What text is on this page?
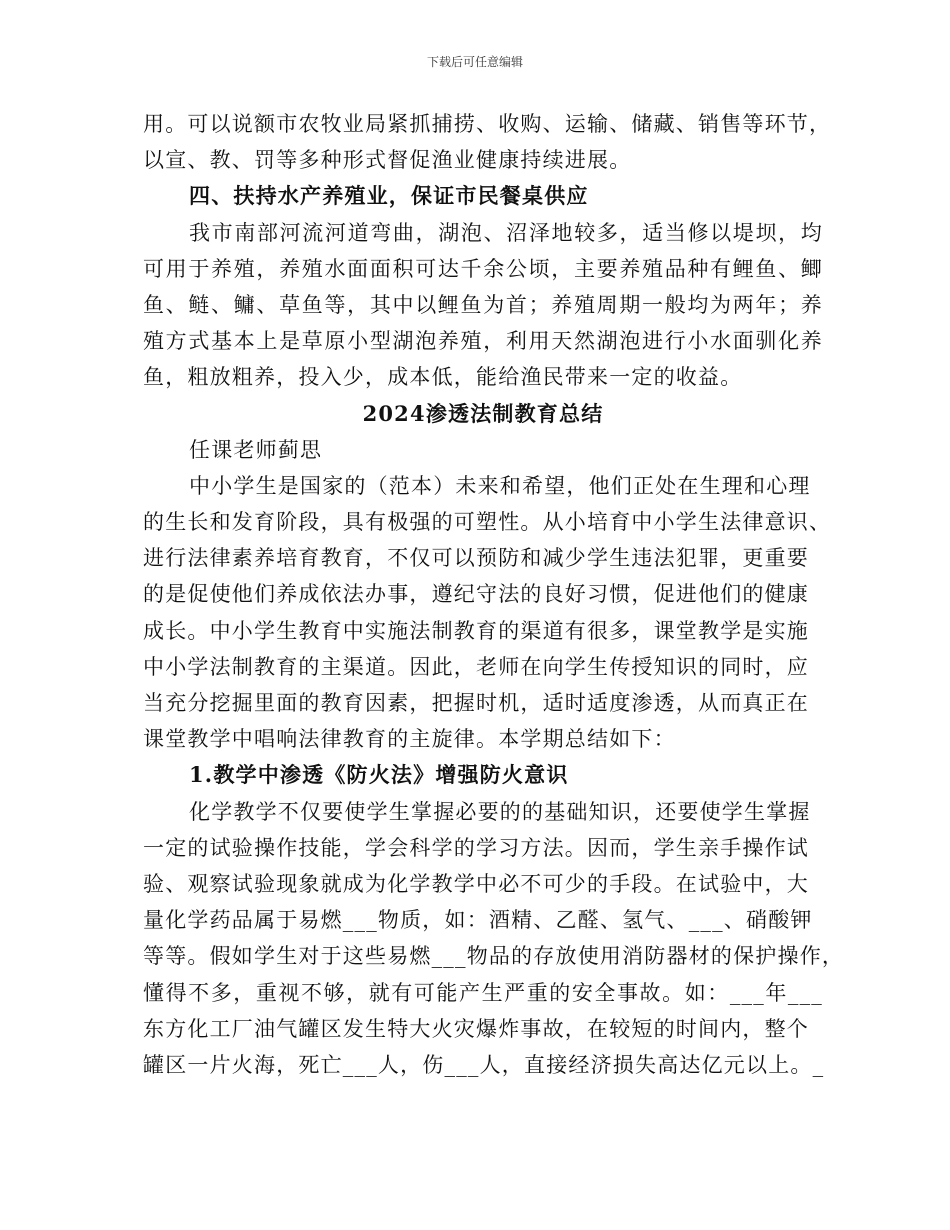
下载后可任意编辑
用。可以说额市农牧业局紧抓捕捞、收购、运输、储藏、销售等环节，
以宣、教、罚等多种形式督促渔业健康持续进展。
四、扶持水产养殖业，保证市民餐桌供应
我市南部河流河道弯曲，湖泡、沼泽地较多，适当修以堤坝，均
可用于养殖，养殖水面面积可达千余公顷，主要养殖品种有鲤鱼、鲫
鱼、鲢、鳙、草鱼等，其中以鲤鱼为首；养殖周期一般均为两年；养
殖方式基本上是草原小型湖泡养殖，利用天然湖泡进行小水面驯化养
鱼，粗放粗养，投入少，成本低，能给渔民带来一定的收益。
2024渗透法制教育总结
任课老师蓟思
中小学生是国家的（范本）未来和希望，他们正处在生理和心理
的生长和发育阶段，具有极强的可塑性。从小培育中小学生法律意识、
进行法律素养培育教育，不仅可以预防和减少学生违法犯罪，更重要
的是促使他们养成依法办事，遵纪守法的良好习惯，促进他们的健康
成长。中小学生教育中实施法制教育的渠道有很多，课堂教学是实施
中小学法制教育的主渠道。因此，老师在向学生传授知识的同时，应
当充分挖掘里面的教育因素，把握时机，适时适度渗透，从而真正在
课堂教学中唱响法律教育的主旋律。本学期总结如下：
1.教学中渗透《防火法》增强防火意识
化学教学不仅要使学生掌握必要的的基础知识，还要使学生掌握
一定的试验操作技能，学会科学的学习方法。因而，学生亲手操作试
验、观察试验现象就成为化学教学中必不可少的手段。在试验中，大
量化学药品属于易燃___物质，如：酒精、乙醛、氢气、___、硝酸钾
等等。假如学生对于这些易燃___物品的存放使用消防器材的保护操作，
懂得不多，重视不够，就有可能产生严重的安全事故。如：___年___
东方化工厂油气罐区发生特大火灾爆炸事故，在较短的时间内，整个
罐区一片火海，死亡___人，伤___人，直接经济损失高达亿元以上。_
